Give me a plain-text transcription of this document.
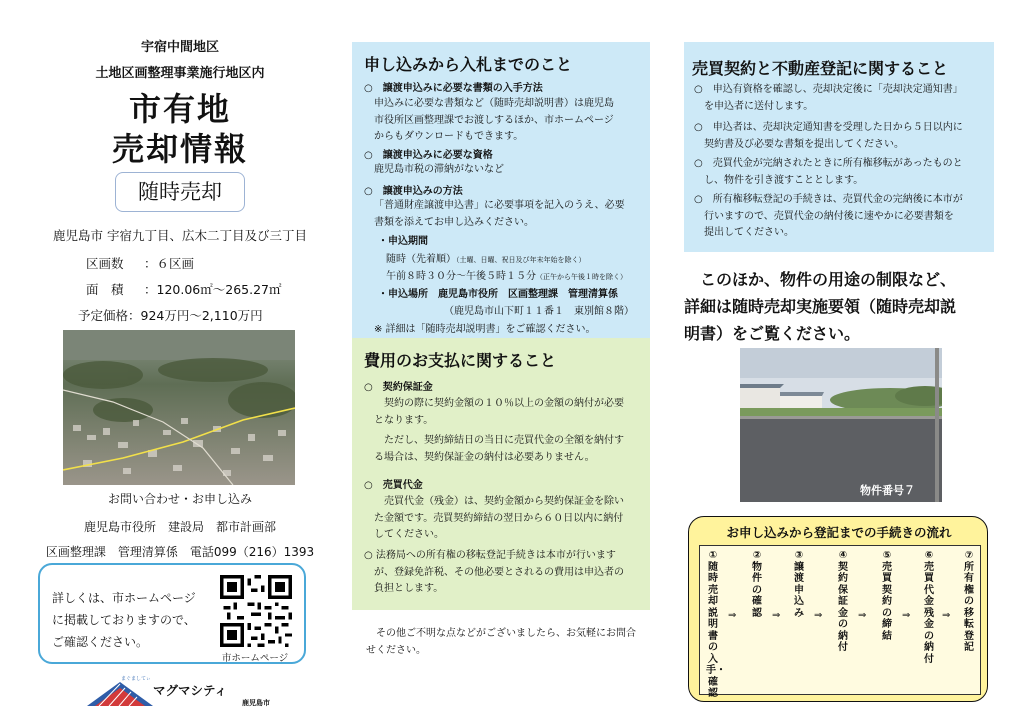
宇宿中間地区
土地区画整理事業施行地区内
市有地
売却情報
随時売却
鹿児島市 宇宿九丁目、広木二丁目及び三丁目
区画数 ：６区画
面　積 ：120.06㎡〜265.27㎡
予定価格：924万円〜2,110万円
お問い合わせ・お申し込み
鹿児島市役所　建設局　都市計画部
区画整理課　管理清算係　電話099（216）1393
詳しくは、市ホームページ
に掲載しておりますので、
ご確認ください。
市ホームページ
まぐましてぃ
マグマシティ
鹿児島市
申し込みから入札までのこと
○　譲渡申込みに必要な書類の入手方法
申込みに必要な書類など（随時売却説明書）は鹿児島
市役所区画整理課でお渡しするほか、市ホームページ
からもダウンロードもできます。
○　譲渡申込みに必要な資格
鹿児島市税の滞納がないなど
○　譲渡申込みの方法
「普通財産譲渡申込書」に必要事項を記入のうえ、必要
書類を添えてお申し込みください。
・申込期間
随時（先着順）（土曜、日曜、祝日及び年末年始を除く）
午前８時３０分〜午後５時１５分（正午から午後１時を除く）
・申込場所　鹿児島市役所　区画整理課　管理清算係
（鹿児島市山下町１１番１　東別館８階）
※ 詳細は「随時売却説明書」をご確認ください。
費用のお支払に関すること
○　契約保証金
契約の際に契約金額の１０％以上の金額の納付が必要
となります。
ただし、契約締結日の当日に売買代金の全額を納付す
る場合は、契約保証金の納付は必要ありません。
○　売買代金
売買代金（残金）は、契約金額から契約保証金を除い
た金額です。売買契約締結の翌日から６０日以内に納付
してください。
○ 法務局への所有権の移転登記手続きは本市が行います
が、登録免許税、その他必要とされるの費用は申込者の
負担とします。
その他ご不明な点などがございましたら、お気軽にお問合
せください。
売買契約と不動産登記に関すること
○　申込有資格を確認し、売却決定後に「売却決定通知書」
　を申込者に送付します。
○　申込者は、売却決定通知書を受理した日から５日以内に
　契約書及び必要な書類を提出してください。
○　売買代金が完納されたときに所有権移転があったものと
　し、物件を引き渡すこととします。
○　所有権移転登記の手続きは、売買代金の完納後に本市が
　行いますので、売買代金の納付後に速やかに必要書類を
　提出してください。
　このほか、物件の用途の制限など、
詳細は随時売却実施要領（随時売却説
明書）をご覧ください。
物件番号７
お申し込みから登記までの手続きの流れ
①随時売却説明書の入手・確認
⇒
②物件の確認 ⇒
③譲渡申込み ⇒
④契約保証金の納付
⇒
⑤売買契約の締結
⇒
⑥売買代金残金の納付
⇒
⑦所有権の移転登記
